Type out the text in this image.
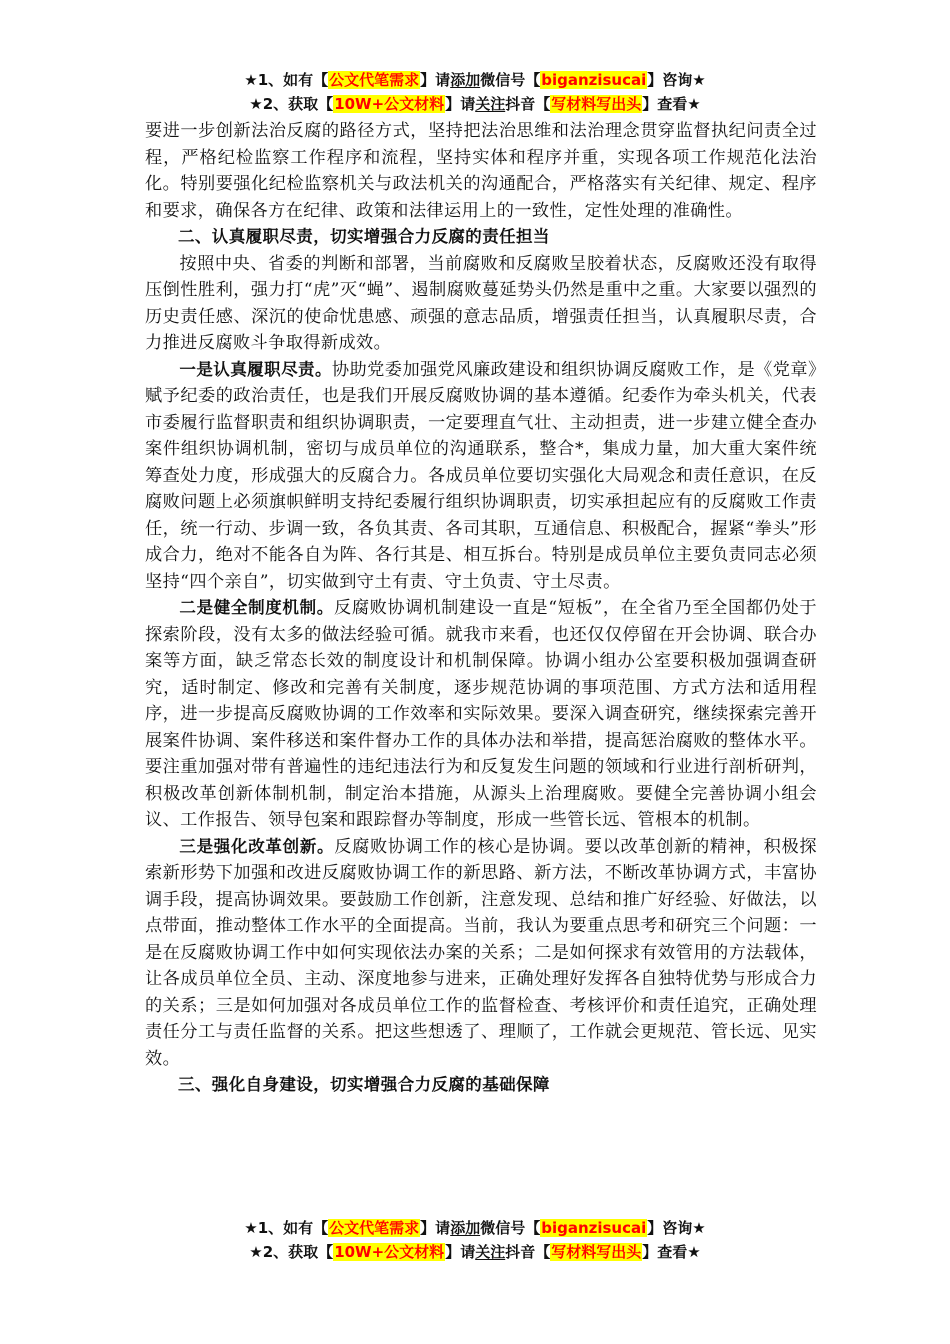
★1、如有【公文代笔需求】请添加微信号【biganzisucai】咨询★
★2、获取【10W+公文材料】请关注抖音【写材料写出头】查看★

要进一步创新法治反腐的路径方式，坚持把法治思维和法治理念贯穿监督执纪问责全过程，严格纪检监察工作程序和流程，坚持实体和程序并重，实现各项工作规范化法治化。特别要强化纪检监察机关与政法机关的沟通配合，严格落实有关纪律、规定、程序和要求，确保各方在纪律、政策和法律运用上的一致性，定性处理的准确性。

二、认真履职尽责，切实增强合力反腐的责任担当

按照中央、省委的判断和部署，当前腐败和反腐败呈胶着状态，反腐败还没有取得压倒性胜利，强力打“虎”灭“蝇”、遏制腐败蔓延势头仍然是重中之重。大家要以强烈的历史责任感、深沉的使命忧患感、顽强的意志品质，增强责任担当，认真履职尽责，合力推进反腐败斗争取得新成效。

一是认真履职尽责。协助党委加强党风廉政建设和组织协调反腐败工作，是《党章》赋予纪委的政治责任，也是我们开展反腐败协调的基本遵循。纪委作为牵头机关，代表市委履行监督职责和组织协调职责，一定要理直气壮、主动担责，进一步建立健全查办案件组织协调机制，密切与成员单位的沟通联系，整合*，集成力量，加大重大案件统筹查处力度，形成强大的反腐合力。各成员单位要切实强化大局观念和责任意识，在反腐败问题上必须旗帜鲜明支持纪委履行组织协调职责，切实承担起应有的反腐败工作责任，统一行动、步调一致，各负其责、各司其职，互通信息、积极配合，握紧“拳头”形成合力，绝对不能各自为阵、各行其是、相互拆台。特别是成员单位主要负责同志必须坚持“四个亲自”，切实做到守土有责、守土负责、守土尽责。

二是健全制度机制。反腐败协调机制建设一直是“短板”，在全省乃至全国都仍处于探索阶段，没有太多的做法经验可循。就我市来看，也还仅仅停留在开会协调、联合办案等方面，缺乏常态长效的制度设计和机制保障。协调小组办公室要积极加强调查研究，适时制定、修改和完善有关制度，逐步规范协调的事项范围、方式方法和适用程序，进一步提高反腐败协调的工作效率和实际效果。要深入调查研究，继续探索完善开展案件协调、案件移送和案件督办工作的具体办法和举措，提高惩治腐败的整体水平。要注重加强对带有普遍性的违纪违法行为和反复发生问题的领域和行业进行剖析研判，积极改革创新体制机制，制定治本措施，从源头上治理腐败。要健全完善协调小组会议、工作报告、领导包案和跟踪督办等制度，形成一些管长远、管根本的机制。

三是强化改革创新。反腐败协调工作的核心是协调。要以改革创新的精神，积极探索新形势下加强和改进反腐败协调工作的新思路、新方法，不断改革协调方式，丰富协调手段，提高协调效果。要鼓励工作创新，注意发现、总结和推广好经验、好做法，以点带面，推动整体工作水平的全面提高。当前，我认为要重点思考和研究三个问题：一是在反腐败协调工作中如何实现依法办案的关系；二是如何探求有效管用的方法载体，让各成员单位全员、主动、深度地参与进来，正确处理好发挥各自独特优势与形成合力的关系；三是如何加强对各成员单位工作的监督检查、考核评价和责任追究，正确处理责任分工与责任监督的关系。把这些想透了、理顺了，工作就会更规范、管长远、见实效。

三、强化自身建设，切实增强合力反腐的基础保障

★1、如有【公文代笔需求】请添加微信号【biganzisucai】咨询★
★2、获取【10W+公文材料】请关注抖音【写材料写出头】查看★
